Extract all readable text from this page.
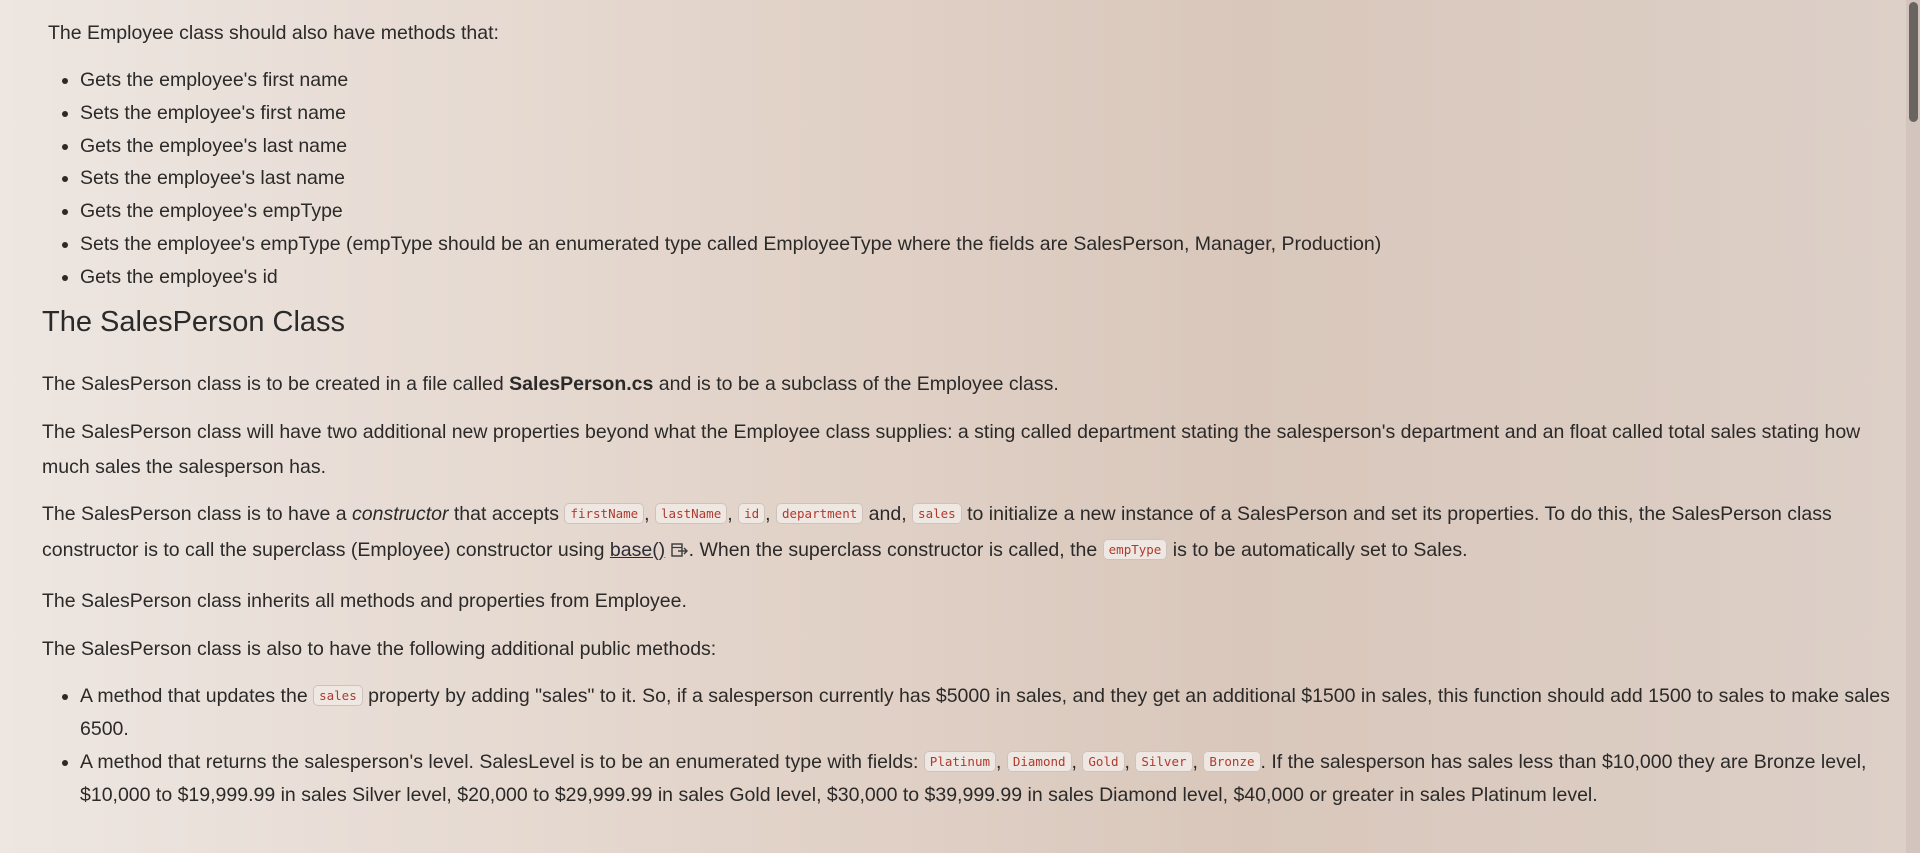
The Employee class should also have methods that:

• Gets the employee's first name
• Sets the employee's first name
• Gets the employee's last name
• Sets the employee's last name
• Gets the employee's empType
• Sets the employee's empType (empType should be an enumerated type called EmployeeType where the fields are SalesPerson, Manager, Production)
• Gets the employee's id
The SalesPerson Class

The SalesPerson class is to be created in a file called SalesPerson.cs and is to be a subclass of the Employee class.

The SalesPerson class will have two additional new properties beyond what the Employee class supplies: a sting called department stating the salesperson's department and an float called total sales stating how much sales the salesperson has.

The SalesPerson class is to have a constructor that accepts firstName , lastName , id , department and, sales to initialize a new instance of a SalesPerson and set its properties. To do this, the SalesPerson class constructor is to call the superclass (Employee) constructor using base() . When the superclass constructor is called, the empType is to be automatically set to Sales.

The SalesPerson class inherits all methods and properties from Employee.

The SalesPerson class is also to have the following additional public methods:

• A method that updates the sales property by adding "sales" to it. So, if a salesperson currently has $5000 in sales, and they get an additional $1500 in sales, this function should add 1500 to sales to make sales 6500.
• A method that returns the salesperson's level. SalesLevel is to be an enumerated type with fields: Platinum , Diamond , Gold , Silver , Bronze . If the salesperson has sales less than $10,000 they are Bronze level, $10,000 to $19,999.99 in sales Silver level, $20,000 to $29,999.99 in sales Gold level, $30,000 to $39,999.99 in sales Diamond level, $40,000 or greater in sales Platinum level.
